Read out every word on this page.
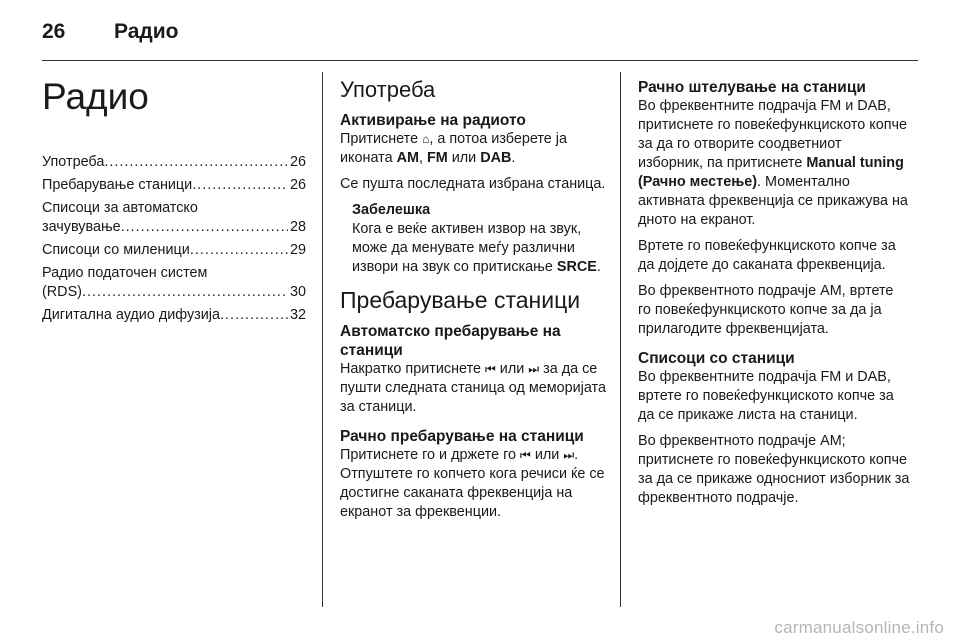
26 Радио
Радио
Употреба .....	26
Пребарување станици .....	26
Списоци за автоматско
зачувување .....	28
Списоци со миленици .....	29
Радио податочен систем
(RDS) .....	30
Дигитална аудио дифузија .....	32
Употреба
Активирање на радиото

Притиснете ⌂, а потоа изберете ја иконата AM, FM или DAB.

Се пушта последната избрана станица.

Забелешка

Кога е веќе активен извор на звук, може да менувате меѓу различни извори на звук со притискање SRCE.

Пребарување станици
Автоматско пребарување на станици

Накратко притиснете ⏮ или ⏭ за да се пушти следната станица од меморијата за станици.

Рачно пребарување на станици

Притиснете го и држете го ⏮ или ⏭. Отпуштете го копчето кога речиси ќе се достигне саканата фреквенција на екранот за фреквенции.

Рачно штелување на станици

Во фреквентните подрачја FM и DAB, притиснете го повеќефункциското копче за да го отворите соодветниот изборник, па притиснете Manual tuning (Рачно местење). Моментално активната фреквенција се прикажува на дното на екранот.

Вртете го повеќефункциското копче за да дојдете до саканата фреквенција.

Во фреквентното подрачје AM, вртете го повеќефункциското копче за да ја прилагодите фреквенцијата.

Списоци со станици

Во фреквентните подрачја FM и DAB, вртете го повеќефункциското копче за да се прикаже листа на станици.

Во фреквентното подрачје AM; притиснете го повеќефункциското копче за да се прикаже односниот изборник за фреквентното подрачје.

carmanualsonline.info
